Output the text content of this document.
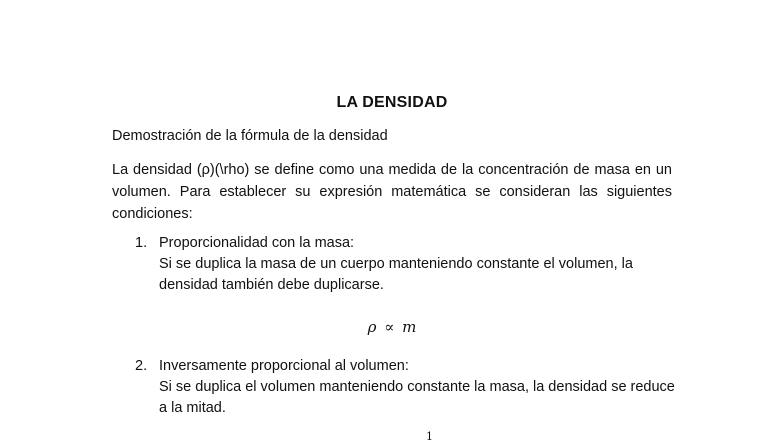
LA DENSIDAD
Demostración de la fórmula de la densidad
La densidad (ρ)(\rho) se define como una medida de la concentración de masa en un volumen. Para establecer su expresión matemática se consideran las siguientes condiciones:
1. Proporcionalidad con la masa:
Si se duplica la masa de un cuerpo manteniendo constante el volumen, la densidad también debe duplicarse.
ρ ∝ m
2. Inversamente proporcional al volumen:
Si se duplica el volumen manteniendo constante la masa, la densidad se reduce a la mitad.
1
